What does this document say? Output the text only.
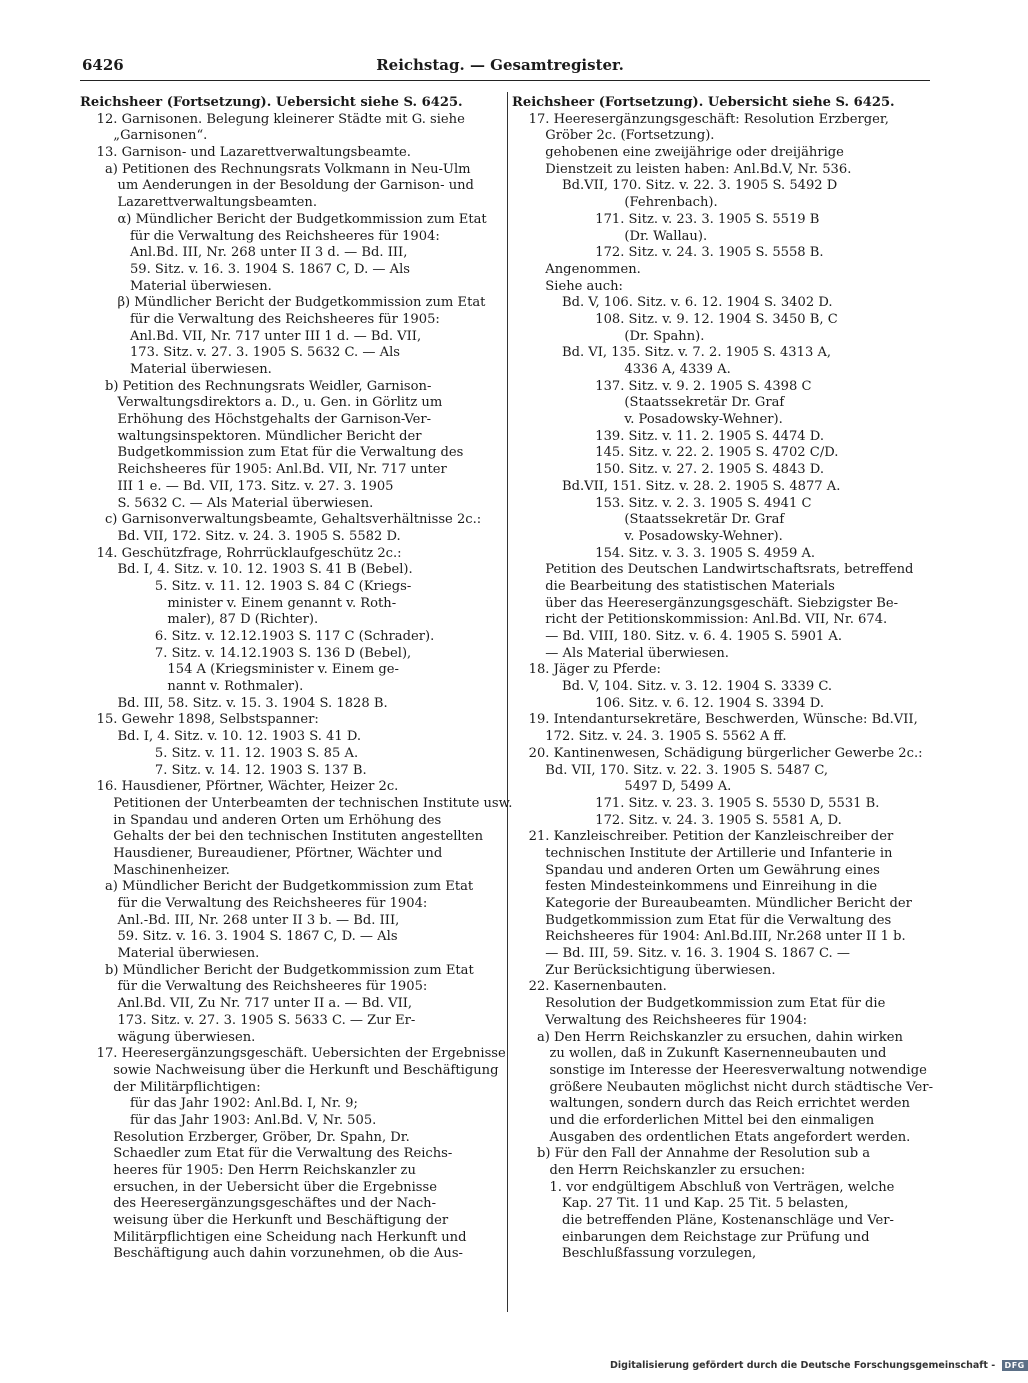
6426	Reichstag. — Gesamtregister.
Reichsheer (Fortsetzung). Uebersicht siehe S. 6425.
12. Garnisonen. Belegung kleinerer Städte mit G. siehe
„Garnisonen“.
13. Garnison- und Lazarettverwaltungsbeamte.
a) Petitionen des Rechnungsrats Volkmann in Neu-Ulm
um Aenderungen in der Besoldung der Garnison- und
Lazarettverwaltungsbeamten.
α) Mündlicher Bericht der Budgetkommission zum Etat
für die Verwaltung des Reichsheeres für 1904:
Anl.Bd. III, Nr. 268 unter II 3 d. — Bd. III,
59. Sitz. v. 16. 3. 1904 S. 1867 C, D. — Als
Material überwiesen.
β) Mündlicher Bericht der Budgetkommission zum Etat
für die Verwaltung des Reichsheeres für 1905:
Anl.Bd. VII, Nr. 717 unter III 1 d. — Bd. VII,
173. Sitz. v. 27. 3. 1905 S. 5632 C. — Als
Material überwiesen.
b) Petition des Rechnungsrats Weidler, Garnison-
Verwaltungsdirektors a. D., u. Gen. in Görlitz um
Erhöhung des Höchstgehalts der Garnison-Ver-
waltungsinspektoren. Mündlicher Bericht der
Budgetkommission zum Etat für die Verwaltung des
Reichsheeres für 1905: Anl.Bd. VII, Nr. 717 unter
III 1 e. — Bd. VII, 173. Sitz. v. 27. 3. 1905
S. 5632 C. — Als Material überwiesen.
c) Garnisonverwaltungsbeamte, Gehaltsverhältnisse 2c.:
Bd. VII, 172. Sitz. v. 24. 3. 1905 S. 5582 D.
14. Geschützfrage, Rohrrücklaufgeschütz 2c.:
Bd. I, 4. Sitz. v. 10. 12. 1903 S. 41 B (Bebel).
5. Sitz. v. 11. 12. 1903 S. 84 C (Kriegs-
minister v. Einem genannt v. Roth-
maler), 87 D (Richter).
6. Sitz. v. 12.12.1903 S. 117 C (Schrader).
7. Sitz. v. 14.12.1903 S. 136 D (Bebel),
154 A (Kriegsminister v. Einem ge-
nannt v. Rothmaler).
Bd. III, 58. Sitz. v. 15. 3. 1904 S. 1828 B.
15. Gewehr 1898, Selbstspanner:
Bd. I, 4. Sitz. v. 10. 12. 1903 S. 41 D.
5. Sitz. v. 11. 12. 1903 S. 85 A.
7. Sitz. v. 14. 12. 1903 S. 137 B.
16. Hausdiener, Pförtner, Wächter, Heizer 2c.
Petitionen der Unterbeamten der technischen Institute usw.
in Spandau und anderen Orten um Erhöhung des
Gehalts der bei den technischen Instituten angestellten
Hausdiener, Bureaudiener, Pförtner, Wächter und
Maschinenheizer.
a) Mündlicher Bericht der Budgetkommission zum Etat
für die Verwaltung des Reichsheeres für 1904:
Anl.-Bd. III, Nr. 268 unter II 3 b. — Bd. III,
59. Sitz. v. 16. 3. 1904 S. 1867 C, D. — Als
Material überwiesen.
b) Mündlicher Bericht der Budgetkommission zum Etat
für die Verwaltung des Reichsheeres für 1905:
Anl.Bd. VII, Zu Nr. 717 unter II a. — Bd. VII,
173. Sitz. v. 27. 3. 1905 S. 5633 C. — Zur Er-
wägung überwiesen.
17. Heeresergänzungsgeschäft. Uebersichten der Ergebnisse
sowie Nachweisung über die Herkunft und Beschäftigung
der Militärpflichtigen:
für das Jahr 1902: Anl.Bd. I, Nr. 9;
für das Jahr 1903: Anl.Bd. V, Nr. 505.
Resolution Erzberger, Gröber, Dr. Spahn, Dr.
Schaedler zum Etat für die Verwaltung des Reichs-
heeres für 1905: Den Herrn Reichskanzler zu
ersuchen, in der Uebersicht über die Ergebnisse
des Heeresergänzungsgeschäftes und der Nach-
weisung über die Herkunft und Beschäftigung der
Militärpflichtigen eine Scheidung nach Herkunft und
Beschäftigung auch dahin vorzunehmen, ob die Aus-
Reichsheer (Fortsetzung). Uebersicht siehe S. 6425.
17. Heeresergänzungsgeschäft: Resolution Erzberger,
Gröber 2c. (Fortsetzung).
gehobenen eine zweijährige oder dreijährige
Dienstzeit zu leisten haben: Anl.Bd.V, Nr. 536.
Bd.VII, 170. Sitz. v. 22. 3. 1905 S. 5492 D
(Fehrenbach).
171. Sitz. v. 23. 3. 1905 S. 5519 B
(Dr. Wallau).
172. Sitz. v. 24. 3. 1905 S. 5558 B.
Angenommen.
Siehe auch:
Bd. V, 106. Sitz. v. 6. 12. 1904 S. 3402 D.
108. Sitz. v. 9. 12. 1904 S. 3450 B, C
(Dr. Spahn).
Bd. VI, 135. Sitz. v. 7. 2. 1905 S. 4313 A,
4336 A, 4339 A.
137. Sitz. v. 9. 2. 1905 S. 4398 C
(Staatssekretär Dr. Graf
v. Posadowsky-Wehner).
139. Sitz. v. 11. 2. 1905 S. 4474 D.
145. Sitz. v. 22. 2. 1905 S. 4702 C/D.
150. Sitz. v. 27. 2. 1905 S. 4843 D.
Bd.VII, 151. Sitz. v. 28. 2. 1905 S. 4877 A.
153. Sitz. v. 2. 3. 1905 S. 4941 C
(Staatssekretär Dr. Graf
v. Posadowsky-Wehner).
154. Sitz. v. 3. 3. 1905 S. 4959 A.
Petition des Deutschen Landwirtschaftsrats, betreffend
die Bearbeitung des statistischen Materials
über das Heeresergänzungsgeschäft. Siebzigster Be-
richt der Petitionskommission: Anl.Bd. VII, Nr. 674.
— Bd. VIII, 180. Sitz. v. 6. 4. 1905 S. 5901 A.
— Als Material überwiesen.
18. Jäger zu Pferde:
Bd. V, 104. Sitz. v. 3. 12. 1904 S. 3339 C.
106. Sitz. v. 6. 12. 1904 S. 3394 D.
19. Intendantursekretäre, Beschwerden, Wünsche: Bd.VII,
172. Sitz. v. 24. 3. 1905 S. 5562 A ff.
20. Kantinenwesen, Schädigung bürgerlicher Gewerbe 2c.:
Bd. VII, 170. Sitz. v. 22. 3. 1905 S. 5487 C,
5497 D, 5499 A.
171. Sitz. v. 23. 3. 1905 S. 5530 D, 5531 B.
172. Sitz. v. 24. 3. 1905 S. 5581 A, D.
21. Kanzleischreiber. Petition der Kanzleischreiber der
technischen Institute der Artillerie und Infanterie in
Spandau und anderen Orten um Gewährung eines
festen Mindesteinkommens und Einreihung in die
Kategorie der Bureaubeamten. Mündlicher Bericht der
Budgetkommission zum Etat für die Verwaltung des
Reichsheeres für 1904: Anl.Bd.III, Nr.268 unter II 1 b.
— Bd. III, 59. Sitz. v. 16. 3. 1904 S. 1867 C. —
Zur Berücksichtigung überwiesen.
22. Kasernenbauten.
Resolution der Budgetkommission zum Etat für die
Verwaltung des Reichsheeres für 1904:
a) Den Herrn Reichskanzler zu ersuchen, dahin wirken
zu wollen, daß in Zukunft Kasernenneubauten und
sonstige im Interesse der Heeresverwaltung notwendige
größere Neubauten möglichst nicht durch städtische Ver-
waltungen, sondern durch das Reich errichtet werden
und die erforderlichen Mittel bei den einmaligen
Ausgaben des ordentlichen Etats angefordert werden.
b) Für den Fall der Annahme der Resolution sub a
den Herrn Reichskanzler zu ersuchen:
1. vor endgültigem Abschluß von Verträgen, welche
Kap. 27 Tit. 11 und Kap. 25 Tit. 5 belasten,
die betreffenden Pläne, Kostenanschläge und Ver-
einbarungen dem Reichstage zur Prüfung und
Beschlußfassung vorzulegen,
Digitalisierung gefördert durch die Deutsche Forschungsgemeinschaft - DFG
